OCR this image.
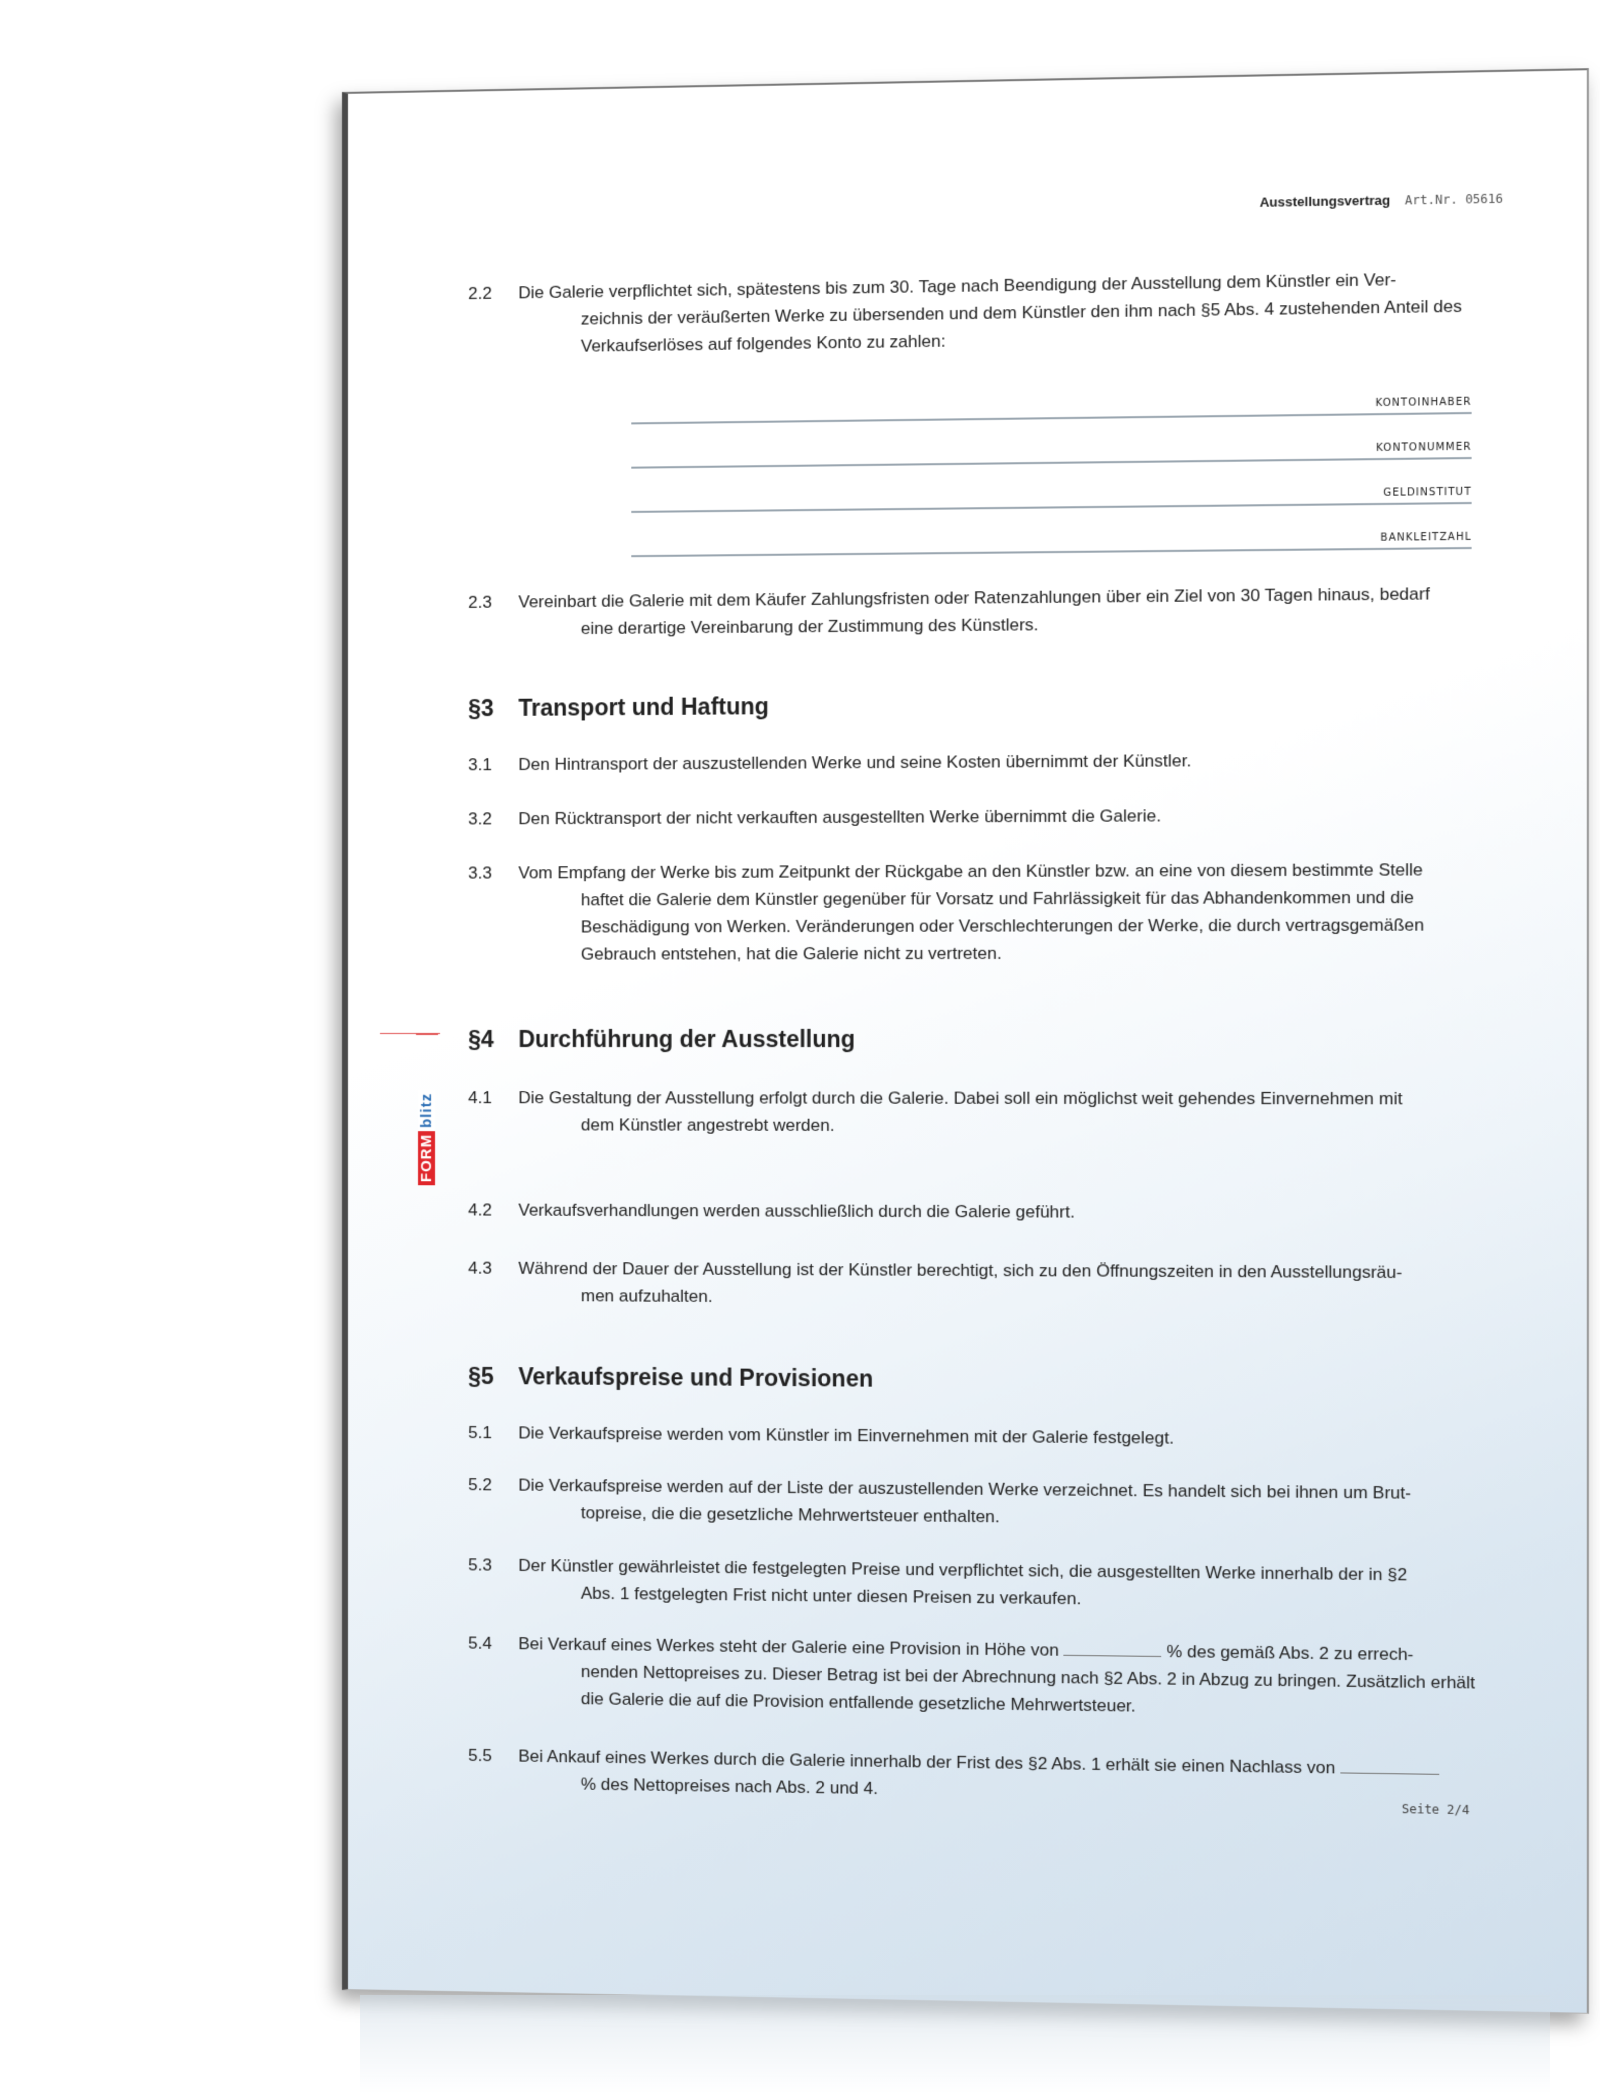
Ausstellungsvertrag Art.Nr. 05616
FORMblitz
2.2 Die Galerie verpflichtet sich, spätestens bis zum 30. Tage nach Beendigung der Ausstellung dem Künstler ein Ver-

zeichnis der veräußerten Werke zu übersenden und dem Künstler den ihm nach §5 Abs. 4 zustehenden Anteil des Verkaufserlöses auf folgendes Konto zu zahlen:

KONTOINHABER
KONTONUMMER
GELDINSTITUT
BANKLEITZAHL
2.3 Vereinbart die Galerie mit dem Käufer Zahlungsfristen oder Ratenzahlungen über ein Ziel von 30 Tagen hinaus, bedarf

eine derartige Vereinbarung der Zustimmung des Künstlers.

§3 Transport und Haftung
3.1 Den Hintransport der auszustellenden Werke und seine Kosten übernimmt der Künstler.

3.2 Den Rücktransport der nicht verkauften ausgestellten Werke übernimmt die Galerie.

3.3 Vom Empfang der Werke bis zum Zeitpunkt der Rückgabe an den Künstler bzw. an eine von diesem bestimmte Stelle

haftet die Galerie dem Künstler gegenüber für Vorsatz und Fahrlässigkeit für das Abhandenkommen und die Beschädigung von Werken. Veränderungen oder Verschlechterungen der Werke, die durch vertragsgemäßen Gebrauch entstehen, hat die Galerie nicht zu vertreten.

§4 Durchführung der Ausstellung
4.1 Die Gestaltung der Ausstellung erfolgt durch die Galerie. Dabei soll ein möglichst weit gehendes Einvernehmen mit

dem Künstler angestrebt werden.

4.2 Verkaufsverhandlungen werden ausschließlich durch die Galerie geführt.

4.3 Während der Dauer der Ausstellung ist der Künstler berechtigt, sich zu den Öffnungszeiten in den Ausstellungsräu-

men aufzuhalten.

§5 Verkaufspreise und Provisionen
5.1 Die Verkaufspreise werden vom Künstler im Einvernehmen mit der Galerie festgelegt.

5.2 Die Verkaufspreise werden auf der Liste der auszustellenden Werke verzeichnet. Es handelt sich bei ihnen um Brut-

topreise, die die gesetzliche Mehrwertsteuer enthalten.

5.3 Der Künstler gewährleistet die festgelegten Preise und verpflichtet sich, die ausgestellten Werke innerhalb der in §2

Abs. 1 festgelegten Frist nicht unter diesen Preisen zu verkaufen.

5.4 Bei Verkauf eines Werkes steht der Galerie eine Provision in Höhe von	% des gemäß Abs. 2 zu errech-

nenden Nettopreises zu. Dieser Betrag ist bei der Abrechnung nach §2 Abs. 2 in Abzug zu bringen. Zusätzlich erhält die Galerie die auf die Provision entfallende gesetzliche Mehrwertsteuer.

5.5 Bei Ankauf eines Werkes durch die Galerie innerhalb der Frist des §2 Abs. 1 erhält sie einen Nachlass von

% des Nettopreises nach Abs. 2 und 4.

Seite 2/4
